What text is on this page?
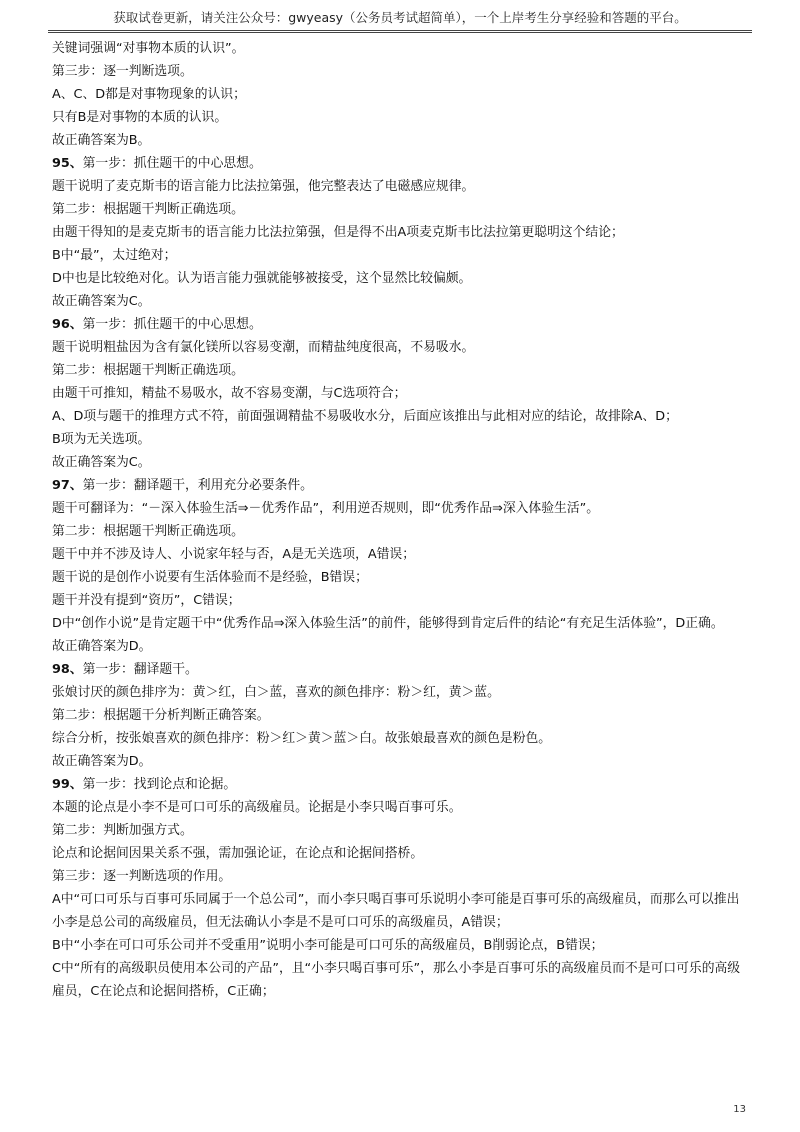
获取试卷更新，请关注公众号：gwyeasy（公务员考试超简单），一个上岸考生分享经验和答题的平台。
关键词强调“对事物本质的认识”。
第三步：逐一判断选项。
A、C、D都是对事物现象的认识；
只有B是对事物的本质的认识。
故正确答案为B。
95、第一步：抓住题干的中心思想。
题干说明了麦克斯韦的语言能力比法拉第强，他完整表达了电磁感应规律。
第二步：根据题干判断正确选项。
由题干得知的是麦克斯韦的语言能力比法拉第强，但是得不出A项麦克斯韦比法拉第更聪明这个结论；
B中“最”，太过绝对；
D中也是比较绝对化。认为语言能力强就能够被接受，这个显然比较偏颇。
故正确答案为C。
96、第一步：抓住题干的中心思想。
题干说明粗盐因为含有氯化镁所以容易变潮，而精盐纯度很高，不易吸水。
第二步：根据题干判断正确选项。
由题干可推知，精盐不易吸水，故不容易变潮，与C选项符合；
A、D项与题干的推理方式不符，前面强调精盐不易吸收水分，后面应该推出与此相对应的结论，故排除A、D；
B项为无关选项。
故正确答案为C。
97、第一步：翻译题干，利用充分必要条件。
题干可翻译为：“－深入体验生活⇒－优秀作品”，利用逆否规则，即“优秀作品⇒深入体验生活”。
第二步：根据题干判断正确选项。
题干中并不涉及诗人、小说家年轻与否，A是无关选项，A错误；
题干说的是创作小说要有生活体验而不是经验，B错误；
题干并没有提到“资历”，C错误；
D中“创作小说”是肯定题干中“优秀作品⇒深入体验生活”的前件，能够得到肯定后件的结论“有充足生活体验”，D正确。
故正确答案为D。
98、第一步：翻译题干。
张娘讨厌的颜色排序为：黄＞红，白＞蓝，喜欢的颜色排序：粉＞红，黄＞蓝。
第二步：根据题干分析判断正确答案。
综合分析，按张娘喜欢的颜色排序：粉＞红＞黄＞蓝＞白。故张娘最喜欢的颜色是粉色。
故正确答案为D。
99、第一步：找到论点和论据。
本题的论点是小李不是可口可乐的高级雇员。论据是小李只喝百事可乐。
第二步：判断加强方式。
论点和论据间因果关系不强，需加强论证，在论点和论据间搭桥。
第三步：逐一判断选项的作用。
A中“可口可乐与百事可乐同属于一个总公司”，而小李只喝百事可乐说明小李可能是百事可乐的高级雇员，而那么可以推出小李是总公司的高级雇员，但无法确认小李是不是可口可乐的高级雇员，A错误；
B中“小李在可口可乐公司并不受重用”说明小李可能是可口可乐的高级雇员，B削弱论点，B错误；
C中“所有的高级职员使用本公司的产品”，且“小李只喝百事可乐”，那么小李是百事可乐的高级雇员而不是可口可乐的高级雇员，C在论点和论据间搭桥，C正确；
13
